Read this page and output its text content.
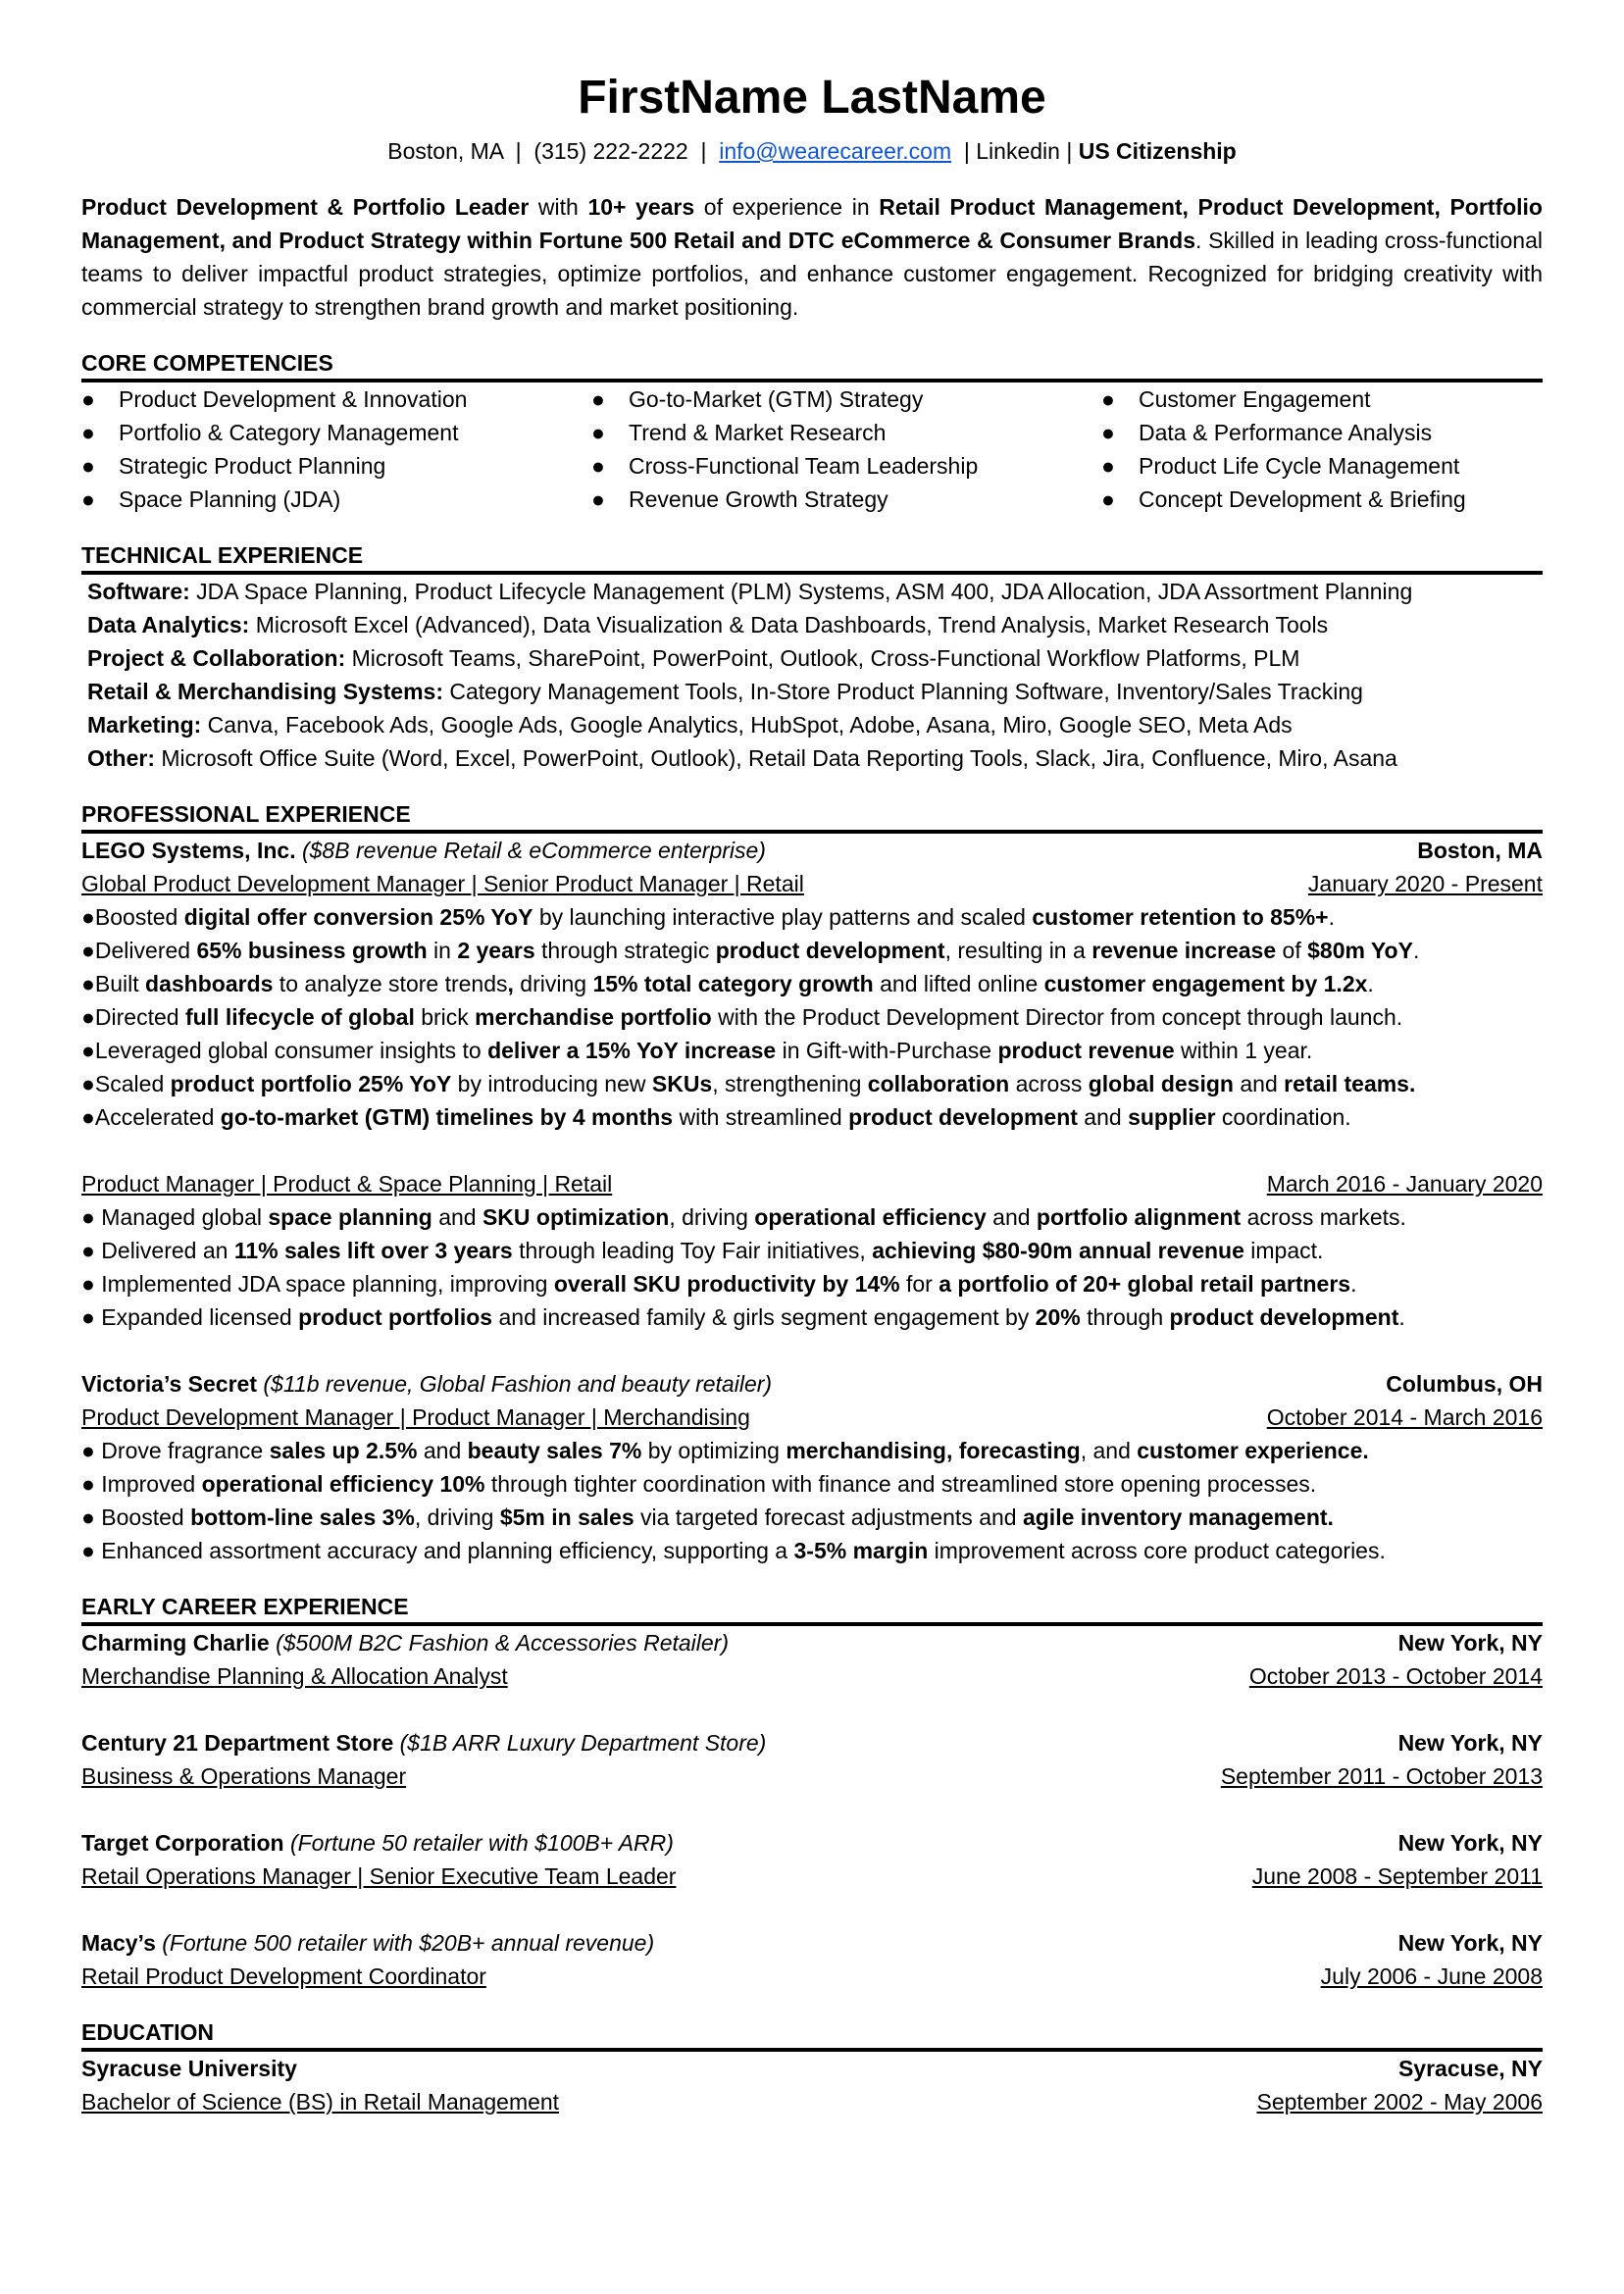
FirstName LastName
Boston, MA | (315) 222-2222 | info@wearecareer.com | Linkedin | US Citizenship
Product Development & Portfolio Leader with 10+ years of experience in Retail Product Management, Product Development, Portfolio Management, and Product Strategy within Fortune 500 Retail and DTC eCommerce & Consumer Brands. Skilled in leading cross-functional teams to deliver impactful product strategies, optimize portfolios, and enhance customer engagement. Recognized for bridging creativity with commercial strategy to strengthen brand growth and market positioning.
CORE COMPETENCIES
● Product Development & Innovation	● Go-to-Market (GTM) Strategy	● Customer Engagement
● Portfolio & Category Management	● Trend & Market Research	● Data & Performance Analysis
● Strategic Product Planning	● Cross-Functional Team Leadership	● Product Life Cycle Management
● Space Planning (JDA)	● Revenue Growth Strategy	● Concept Development & Briefing
TECHNICAL EXPERIENCE
Software: JDA Space Planning, Product Lifecycle Management (PLM) Systems, ASM 400, JDA Allocation, JDA Assortment Planning
Data Analytics: Microsoft Excel (Advanced), Data Visualization & Data Dashboards, Trend Analysis, Market Research Tools
Project & Collaboration: Microsoft Teams, SharePoint, PowerPoint, Outlook, Cross-Functional Workflow Platforms, PLM
Retail & Merchandising Systems: Category Management Tools, In-Store Product Planning Software, Inventory/Sales Tracking
Marketing: Canva, Facebook Ads, Google Ads, Google Analytics, HubSpot, Adobe, Asana, Miro, Google SEO, Meta Ads
Other: Microsoft Office Suite (Word, Excel, PowerPoint, Outlook), Retail Data Reporting Tools, Slack, Jira, Confluence, Miro, Asana
PROFESSIONAL EXPERIENCE
LEGO Systems, Inc. ($8B revenue Retail & eCommerce enterprise)	Boston, MA
Global Product Development Manager | Senior Product Manager | Retail	January 2020 - Present
●Boosted digital offer conversion 25% YoY by launching interactive play patterns and scaled customer retention to 85%+.
●Delivered 65% business growth in 2 years through strategic product development, resulting in a revenue increase of $80m YoY.
●Built dashboards to analyze store trends, driving 15% total category growth and lifted online customer engagement by 1.2x.
●Directed full lifecycle of global brick merchandise portfolio with the Product Development Director from concept through launch.
●Leveraged global consumer insights to deliver a 15% YoY increase in Gift-with-Purchase product revenue within 1 year.
●Scaled product portfolio 25% YoY by introducing new SKUs, strengthening collaboration across global design and retail teams.
●Accelerated go-to-market (GTM) timelines by 4 months with streamlined product development and supplier coordination.
Product Manager | Product & Space Planning | Retail	March 2016 - January 2020
● Managed global space planning and SKU optimization, driving operational efficiency and portfolio alignment across markets.
● Delivered an 11% sales lift over 3 years through leading Toy Fair initiatives, achieving $80-90m annual revenue impact.
● Implemented JDA space planning, improving overall SKU productivity by 14% for a portfolio of 20+ global retail partners.
● Expanded licensed product portfolios and increased family & girls segment engagement by 20% through product development.
Victoria’s Secret ($11b revenue, Global Fashion and beauty retailer)	Columbus, OH
Product Development Manager | Product Manager | Merchandising	October 2014 - March 2016
● Drove fragrance sales up 2.5% and beauty sales 7% by optimizing merchandising, forecasting, and customer experience.
● Improved operational efficiency 10% through tighter coordination with finance and streamlined store opening processes.
● Boosted bottom-line sales 3%, driving $5m in sales via targeted forecast adjustments and agile inventory management.
● Enhanced assortment accuracy and planning efficiency, supporting a 3-5% margin improvement across core product categories.
EARLY CAREER EXPERIENCE
Charming Charlie ($500M B2C Fashion & Accessories Retailer)	New York, NY
Merchandise Planning & Allocation Analyst	October 2013 - October 2014
Century 21 Department Store ($1B ARR Luxury Department Store)	New York, NY
Business & Operations Manager	September 2011 - October 2013
Target Corporation (Fortune 50 retailer with $100B+ ARR)	New York, NY
Retail Operations Manager | Senior Executive Team Leader	June 2008 - September 2011
Macy’s (Fortune 500 retailer with $20B+ annual revenue)	New York, NY
Retail Product Development Coordinator	July 2006 - June 2008
EDUCATION
Syracuse University	Syracuse, NY
Bachelor of Science (BS) in Retail Management	September 2002 - May 2006
